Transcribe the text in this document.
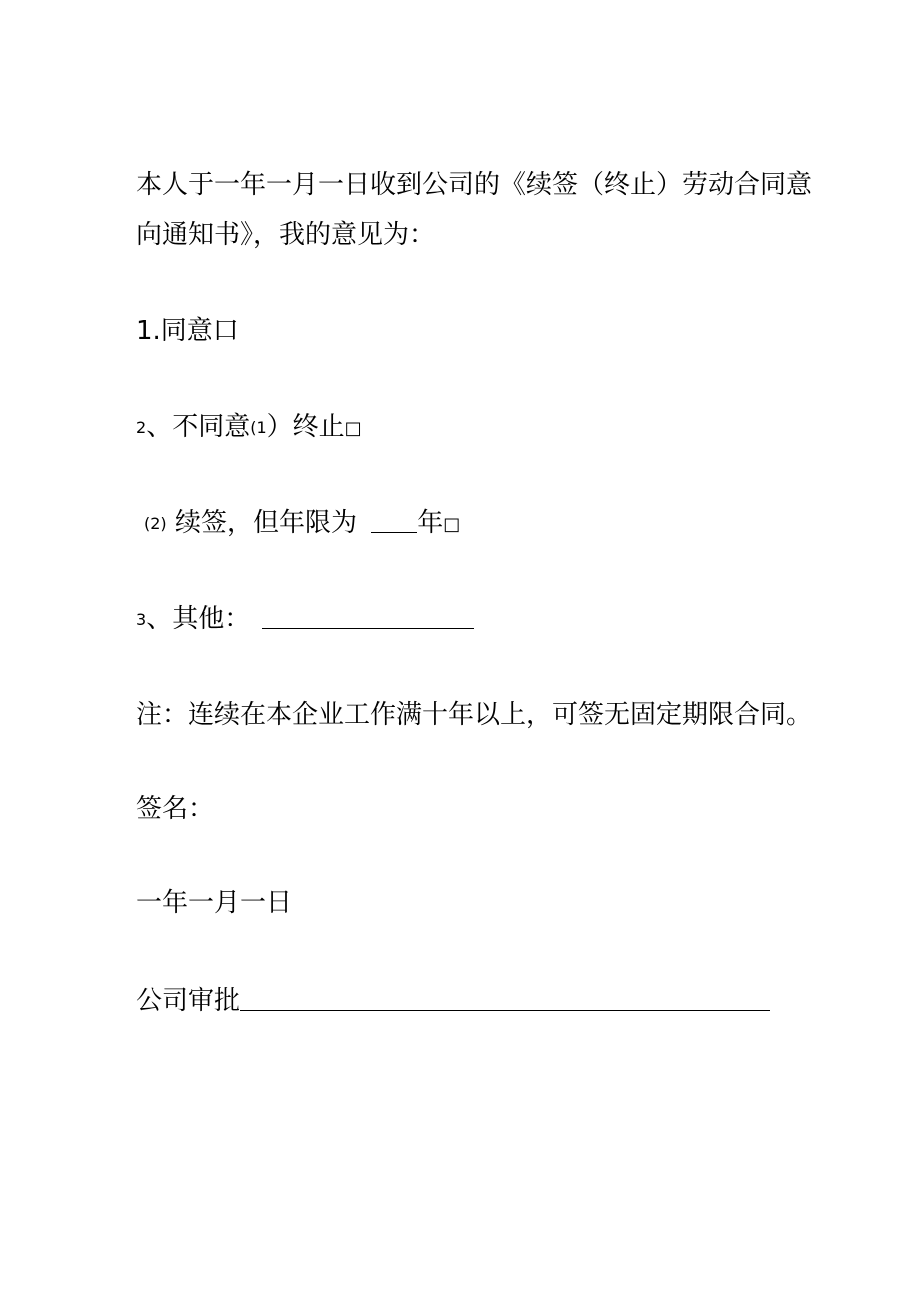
本人于一年一月一日收到公司的《续签（终止）劳动合同意
向通知书》，我的意见为：
1.同意口
2、不同意(1）终止□
(2) 续签，但年限为 年□
3、其他：
注：连续在本企业工作满十年以上，可签无固定期限合同。
签名：
一年一月一日
公司审批
